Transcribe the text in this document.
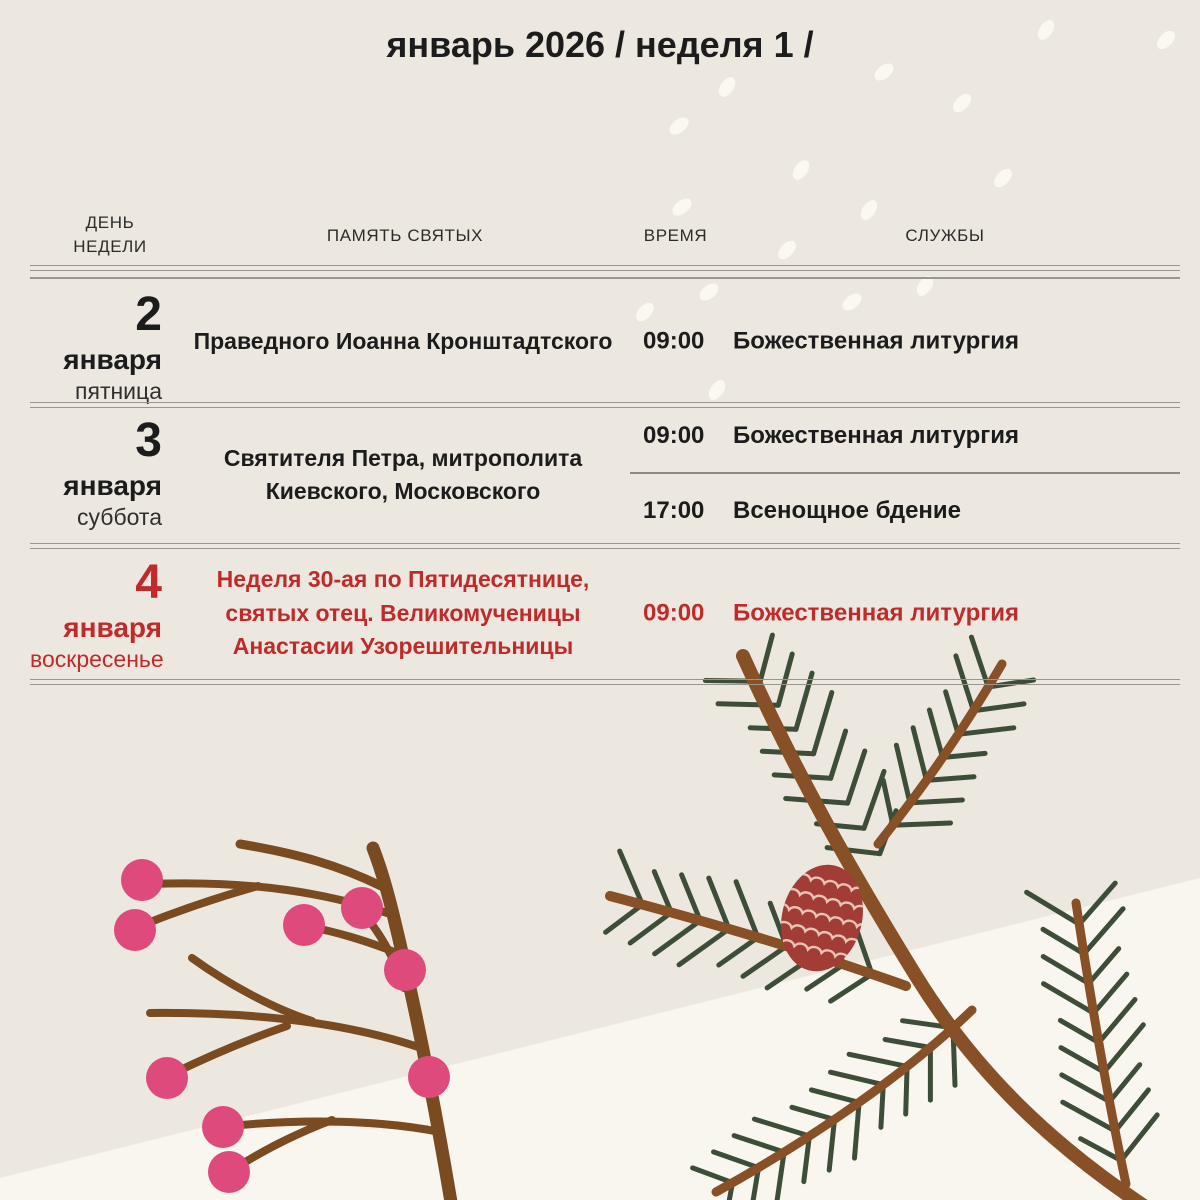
январь 2026 / неделя 1 /
ДЕНЬ НЕДЕЛИ
ПАМЯТЬ СВЯТЫХ	ВРЕМЯ	СЛУЖБЫ
2
января
пятница
Праведного Иоанна Кронштадтского 09:00 Божественная литургия
3
января
суббота
Святителя Петра, митрополита Киевского, Московского
09:00 Божественная литургия
17:00 Всенощное бдение
4
января
воскресенье
Неделя 30-ая по Пятидесятнице, святых отец. Великомученицы Анастасии Узорешительницы
09:00 Божественная литургия
